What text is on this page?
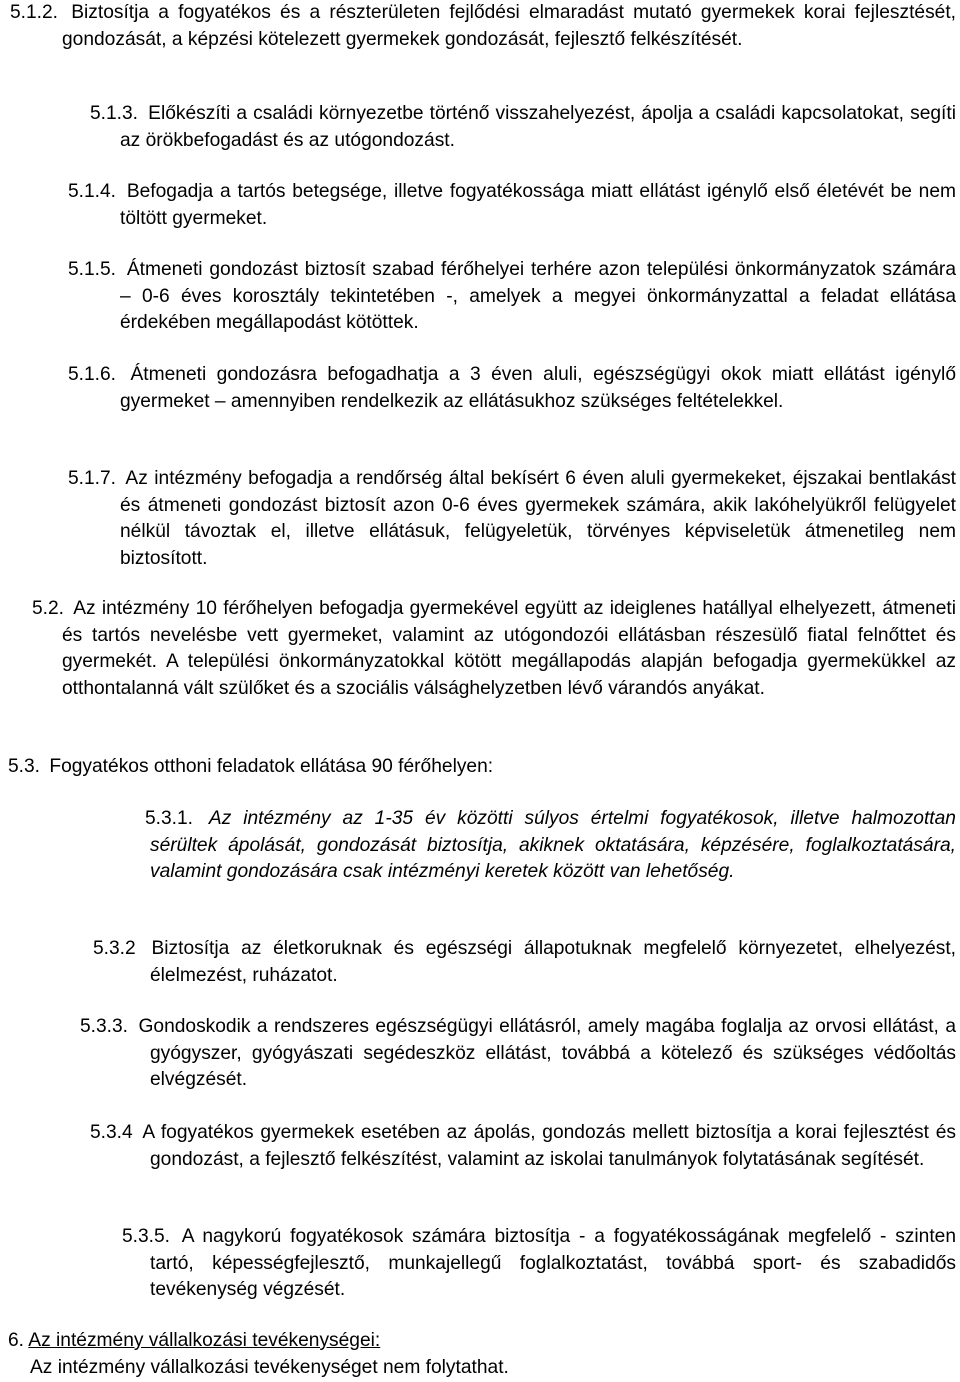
5.1.2. Biztosítja a fogyatékos és a részterületen fejlődési elmaradást mutató gyermekek korai fejlesztését, gondozását, a képzési kötelezett gyermekek gondozását, fejlesztő felkészítését.

5.1.3. Előkészíti a családi környezetbe történő visszahelyezést, ápolja a családi kapcsolatokat, segíti az örökbefogadást és az utógondozást.

5.1.4. Befogadja a tartós betegsége, illetve fogyatékossága miatt ellátást igénylő első életévét be nem töltött gyermeket.

5.1.5. Átmeneti gondozást biztosít szabad férőhelyei terhére azon települési önkormányzatok számára – 0-6 éves korosztály tekintetében -, amelyek a megyei önkormányzattal a feladat ellátása érdekében megállapodást kötöttek.

5.1.6. Átmeneti gondozásra befogadhatja a 3 éven aluli, egészségügyi okok miatt ellátást igénylő gyermeket – amennyiben rendelkezik az ellátásukhoz szükséges feltételekkel.

5.1.7. Az intézmény befogadja a rendőrség által bekísért 6 éven aluli gyermekeket, éjszakai bentlakást és átmeneti gondozást biztosít azon 0-6 éves gyermekek számára, akik lakóhelyükről felügyelet nélkül távoztak el, illetve ellátásuk, felügyeletük, törvényes képviseletük átmenetileg nem biztosított.

5.2. Az intézmény 10 férőhelyen befogadja gyermekével együtt az ideiglenes hatállyal elhelyezett, átmeneti és tartós nevelésbe vett gyermeket, valamint az utógondozói ellátásban részesülő fiatal felnőttet és gyermekét. A települési önkormányzatokkal kötött megállapodás alapján befogadja gyermekükkel az otthontalanná vált szülőket és a szociális válsághelyzetben lévő várandós anyákat.

5.3. Fogyatékos otthoni feladatok ellátása 90 férőhelyen:

5.3.1. Az intézmény az 1-35 év közötti súlyos értelmi fogyatékosok, illetve halmozottan sérültek ápolását, gondozását biztosítja, akiknek oktatására, képzésére, foglalkoztatására, valamint gondozására csak intézményi keretek között van lehetőség.

5.3.2 Biztosítja az életkoruknak és egészségi állapotuknak megfelelő környezetet, elhelyezést, élelmezést, ruházatot.

5.3.3. Gondoskodik a rendszeres egészségügyi ellátásról, amely magába foglalja az orvosi ellátást, a gyógyszer, gyógyászati segédeszköz ellátást, továbbá a kötelező és szükséges védőoltás elvégzését.

5.3.4 A fogyatékos gyermekek esetében az ápolás, gondozás mellett biztosítja a korai fejlesztést és gondozást, a fejlesztő felkészítést, valamint az iskolai tanulmányok folytatásának segítését.

5.3.5. A nagykorú fogyatékosok számára biztosítja - a fogyatékosságának megfelelő - szinten tartó, képességfejlesztő, munkajellegű foglalkoztatást, továbbá sport- és szabadidős tevékenység végzését.

6. Az intézmény vállalkozási tevékenységei:

Az intézmény vállalkozási tevékenységet nem folytathat.
